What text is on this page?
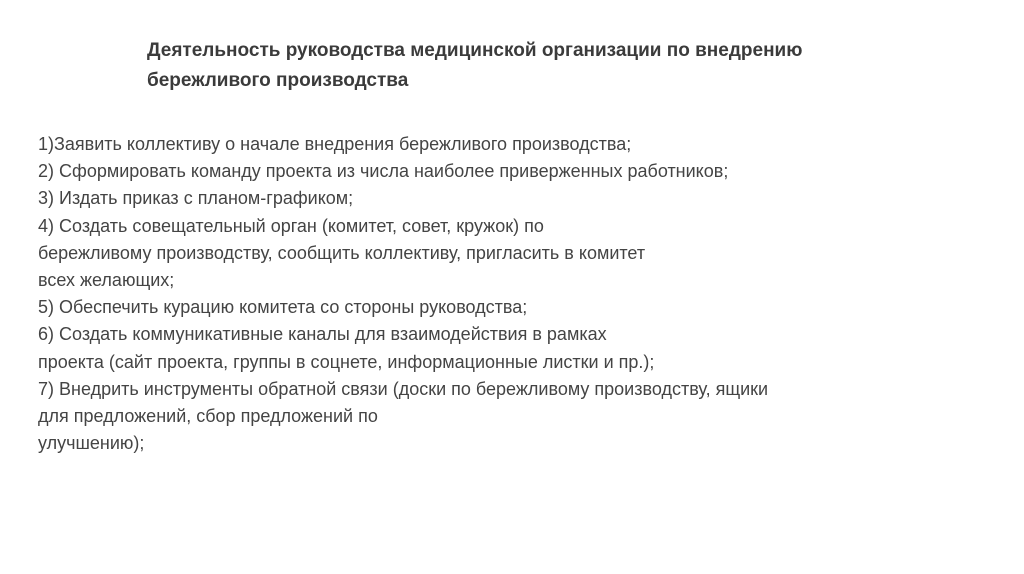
Деятельность руководства медицинской организации по внедрению
бережливого производства
1)Заявить коллективу о начале внедрения бережливого производства;
2) Сформировать команду проекта из числа наиболее приверженных работников;
3) Издать приказ с планом-графиком;
4) Создать совещательный орган (комитет, совет, кружок) по
бережливому производству, сообщить коллективу, пригласить в комитет
всех желающих;
5) Обеспечить курацию комитета со стороны руководства;
6) Создать коммуникативные каналы для взаимодействия в рамках
проекта (сайт проекта, группы в соцнете, информационные листки и пр.);
7) Внедрить инструменты обратной связи (доски по бережливому производству, ящики
для предложений, сбор предложений по
улучшению);
